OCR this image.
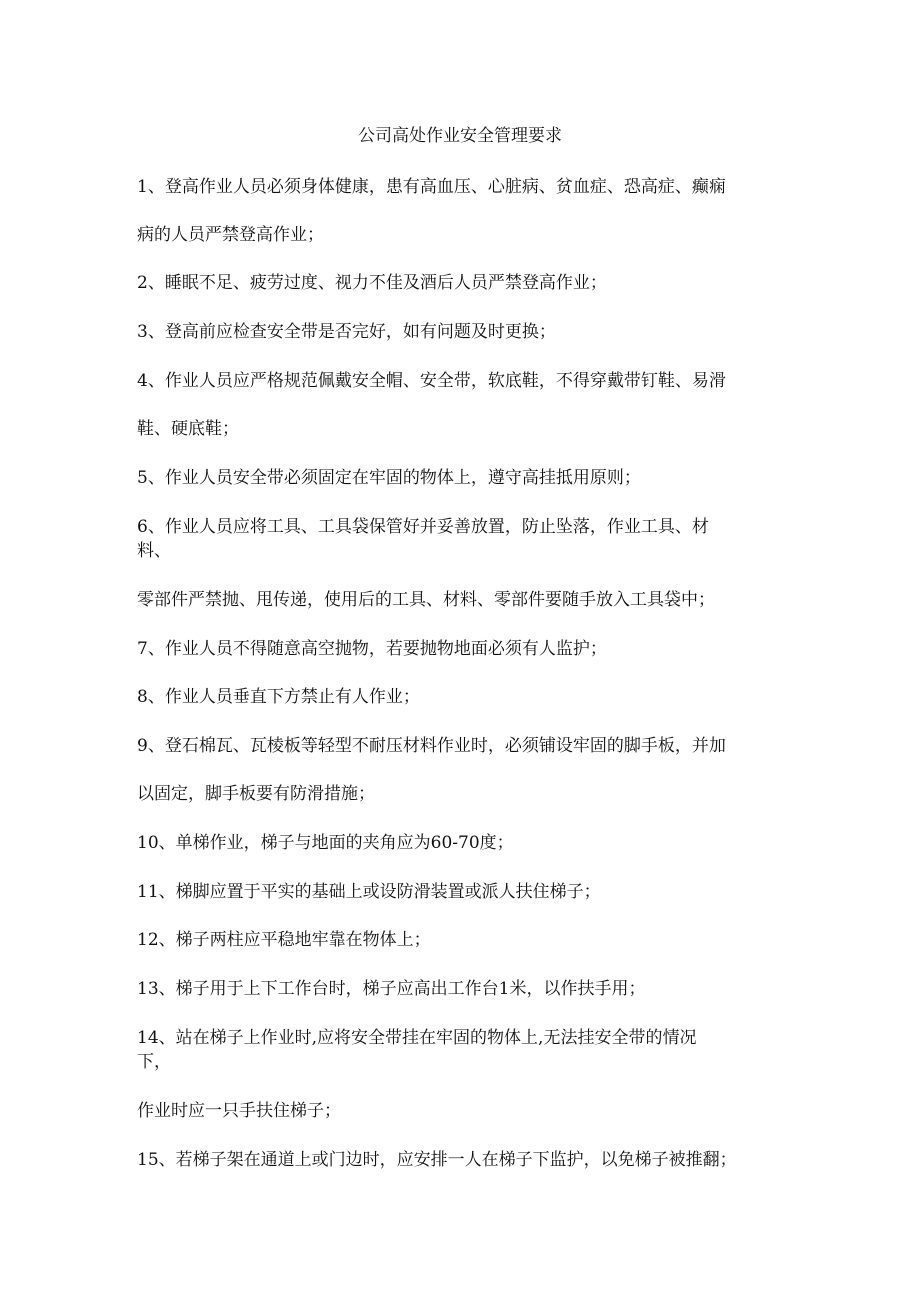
公司高处作业安全管理要求
1、登高作业人员必须身体健康，患有高血压、心脏病、贫血症、恐高症、癫痫
病的人员严禁登高作业；
2、睡眠不足、疲劳过度、视力不佳及酒后人员严禁登高作业；
3、登高前应检查安全带是否完好，如有问题及时更换；
4、作业人员应严格规范佩戴安全帽、安全带，软底鞋，不得穿戴带钉鞋、易滑
鞋、硬底鞋；
5、作业人员安全带必须固定在牢固的物体上，遵守高挂抵用原则；
6、作业人员应将工具、工具袋保管好并妥善放置，防止坠落，作业工具、材
料、
零部件严禁抛、甩传递，使用后的工具、材料、零部件要随手放入工具袋中；
7、作业人员不得随意高空抛物，若要抛物地面必须有人监护；
8、作业人员垂直下方禁止有人作业；
9、登石棉瓦、瓦棱板等轻型不耐压材料作业时，必须铺设牢固的脚手板，并加
以固定，脚手板要有防滑措施；
10、单梯作业，梯子与地面的夹角应为60-70度；
11、梯脚应置于平实的基础上或设防滑装置或派人扶住梯子；
12、梯子两柱应平稳地牢靠在物体上；
13、梯子用于上下工作台时，梯子应高出工作台1米，以作扶手用；
14、站在梯子上作业时,应将安全带挂在牢固的物体上,无法挂安全带的情况
下，
作业时应一只手扶住梯子；
15、若梯子架在通道上或门边时，应安排一人在梯子下监护，以免梯子被推翻；
